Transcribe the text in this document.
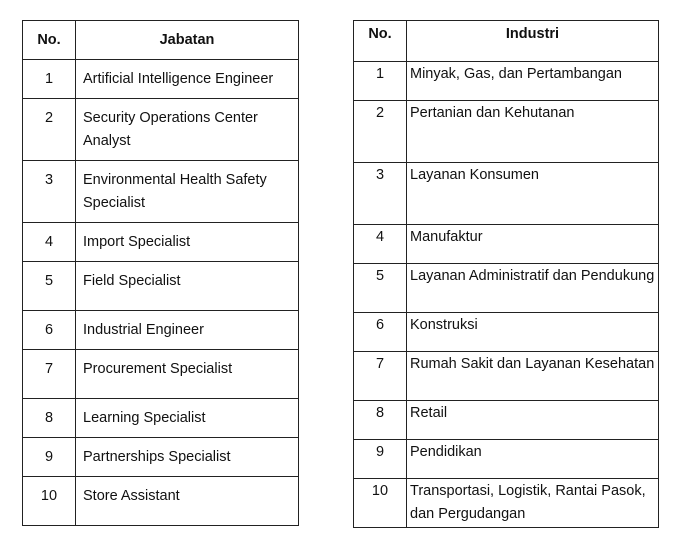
No.	Jabatan
1	Artificial Intelligence Engineer
2	Security Operations Center Analyst
3	Environmental Health Safety Specialist
4	Import Specialist
5	Field Specialist
6	Industrial Engineer
7	Procurement Specialist
8	Learning Specialist
9	Partnerships Specialist
10	Store Assistant
No.	Industri
1	Minyak, Gas, dan Pertambangan
2	Pertanian dan Kehutanan
3	Layanan Konsumen
4	Manufaktur
5	Layanan Administratif dan Pendukung
6	Konstruksi
7	Rumah Sakit dan Layanan Kesehatan
8	Retail
9	Pendidikan
10	Transportasi, Logistik, Rantai Pasok, dan Pergudangan
